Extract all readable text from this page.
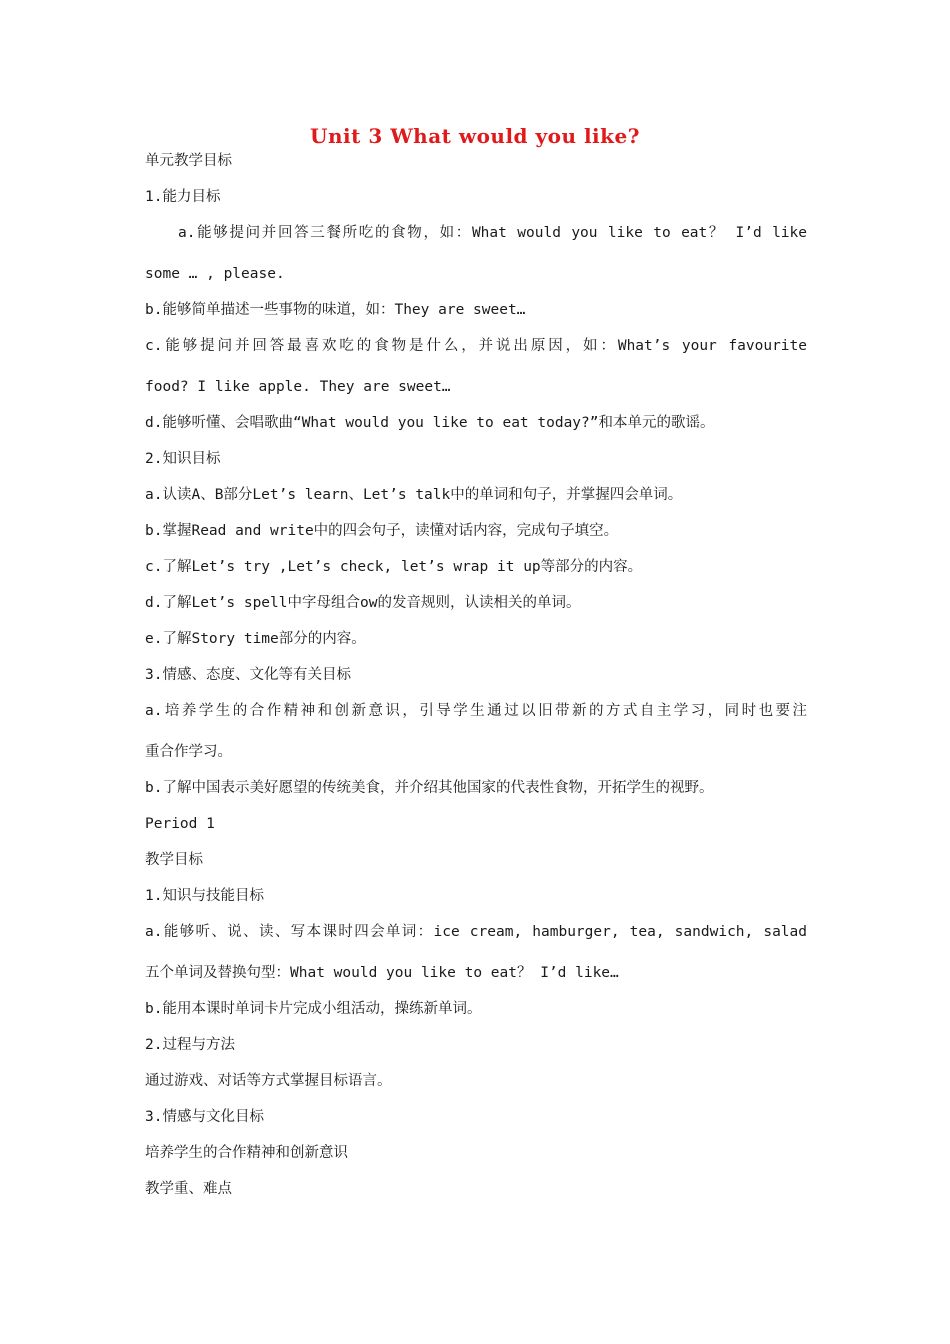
Unit 3 What would you like?
单元教学目标
1.能力目标
a.能够提问并回答三餐所吃的食物，如：What would you like to eat？ I’d like
some … , please.
b.能够简单描述一些事物的味道，如：They are sweet…
c.能够提问并回答最喜欢吃的食物是什么，并说出原因，如：What’s your favourite
food? I like apple. They are sweet…
d.能够听懂、会唱歌曲“What would you like to eat today?”和本单元的歌谣。
2.知识目标
a.认读A、B部分Let’s learn、Let’s talk中的单词和句子，并掌握四会单词。
b.掌握Read and write中的四会句子，读懂对话内容，完成句子填空。
c.了解Let’s try ,Let’s check, let’s wrap it up等部分的内容。
d.了解Let’s spell中字母组合ow的发音规则，认读相关的单词。
e.了解Story time部分的内容。
3.情感、态度、文化等有关目标
a.培养学生的合作精神和创新意识，引导学生通过以旧带新的方式自主学习，同时也要注
重合作学习。
b.了解中国表示美好愿望的传统美食，并介绍其他国家的代表性食物，开拓学生的视野。
Period 1
教学目标
1.知识与技能目标
a.能够听、说、读、写本课时四会单词：ice cream, hamburger, tea, sandwich, salad
五个单词及替换句型：What would you like to eat？ I’d like…
b.能用本课时单词卡片完成小组活动，操练新单词。
2.过程与方法
通过游戏、对话等方式掌握目标语言。
3.情感与文化目标
培养学生的合作精神和创新意识
教学重、难点
